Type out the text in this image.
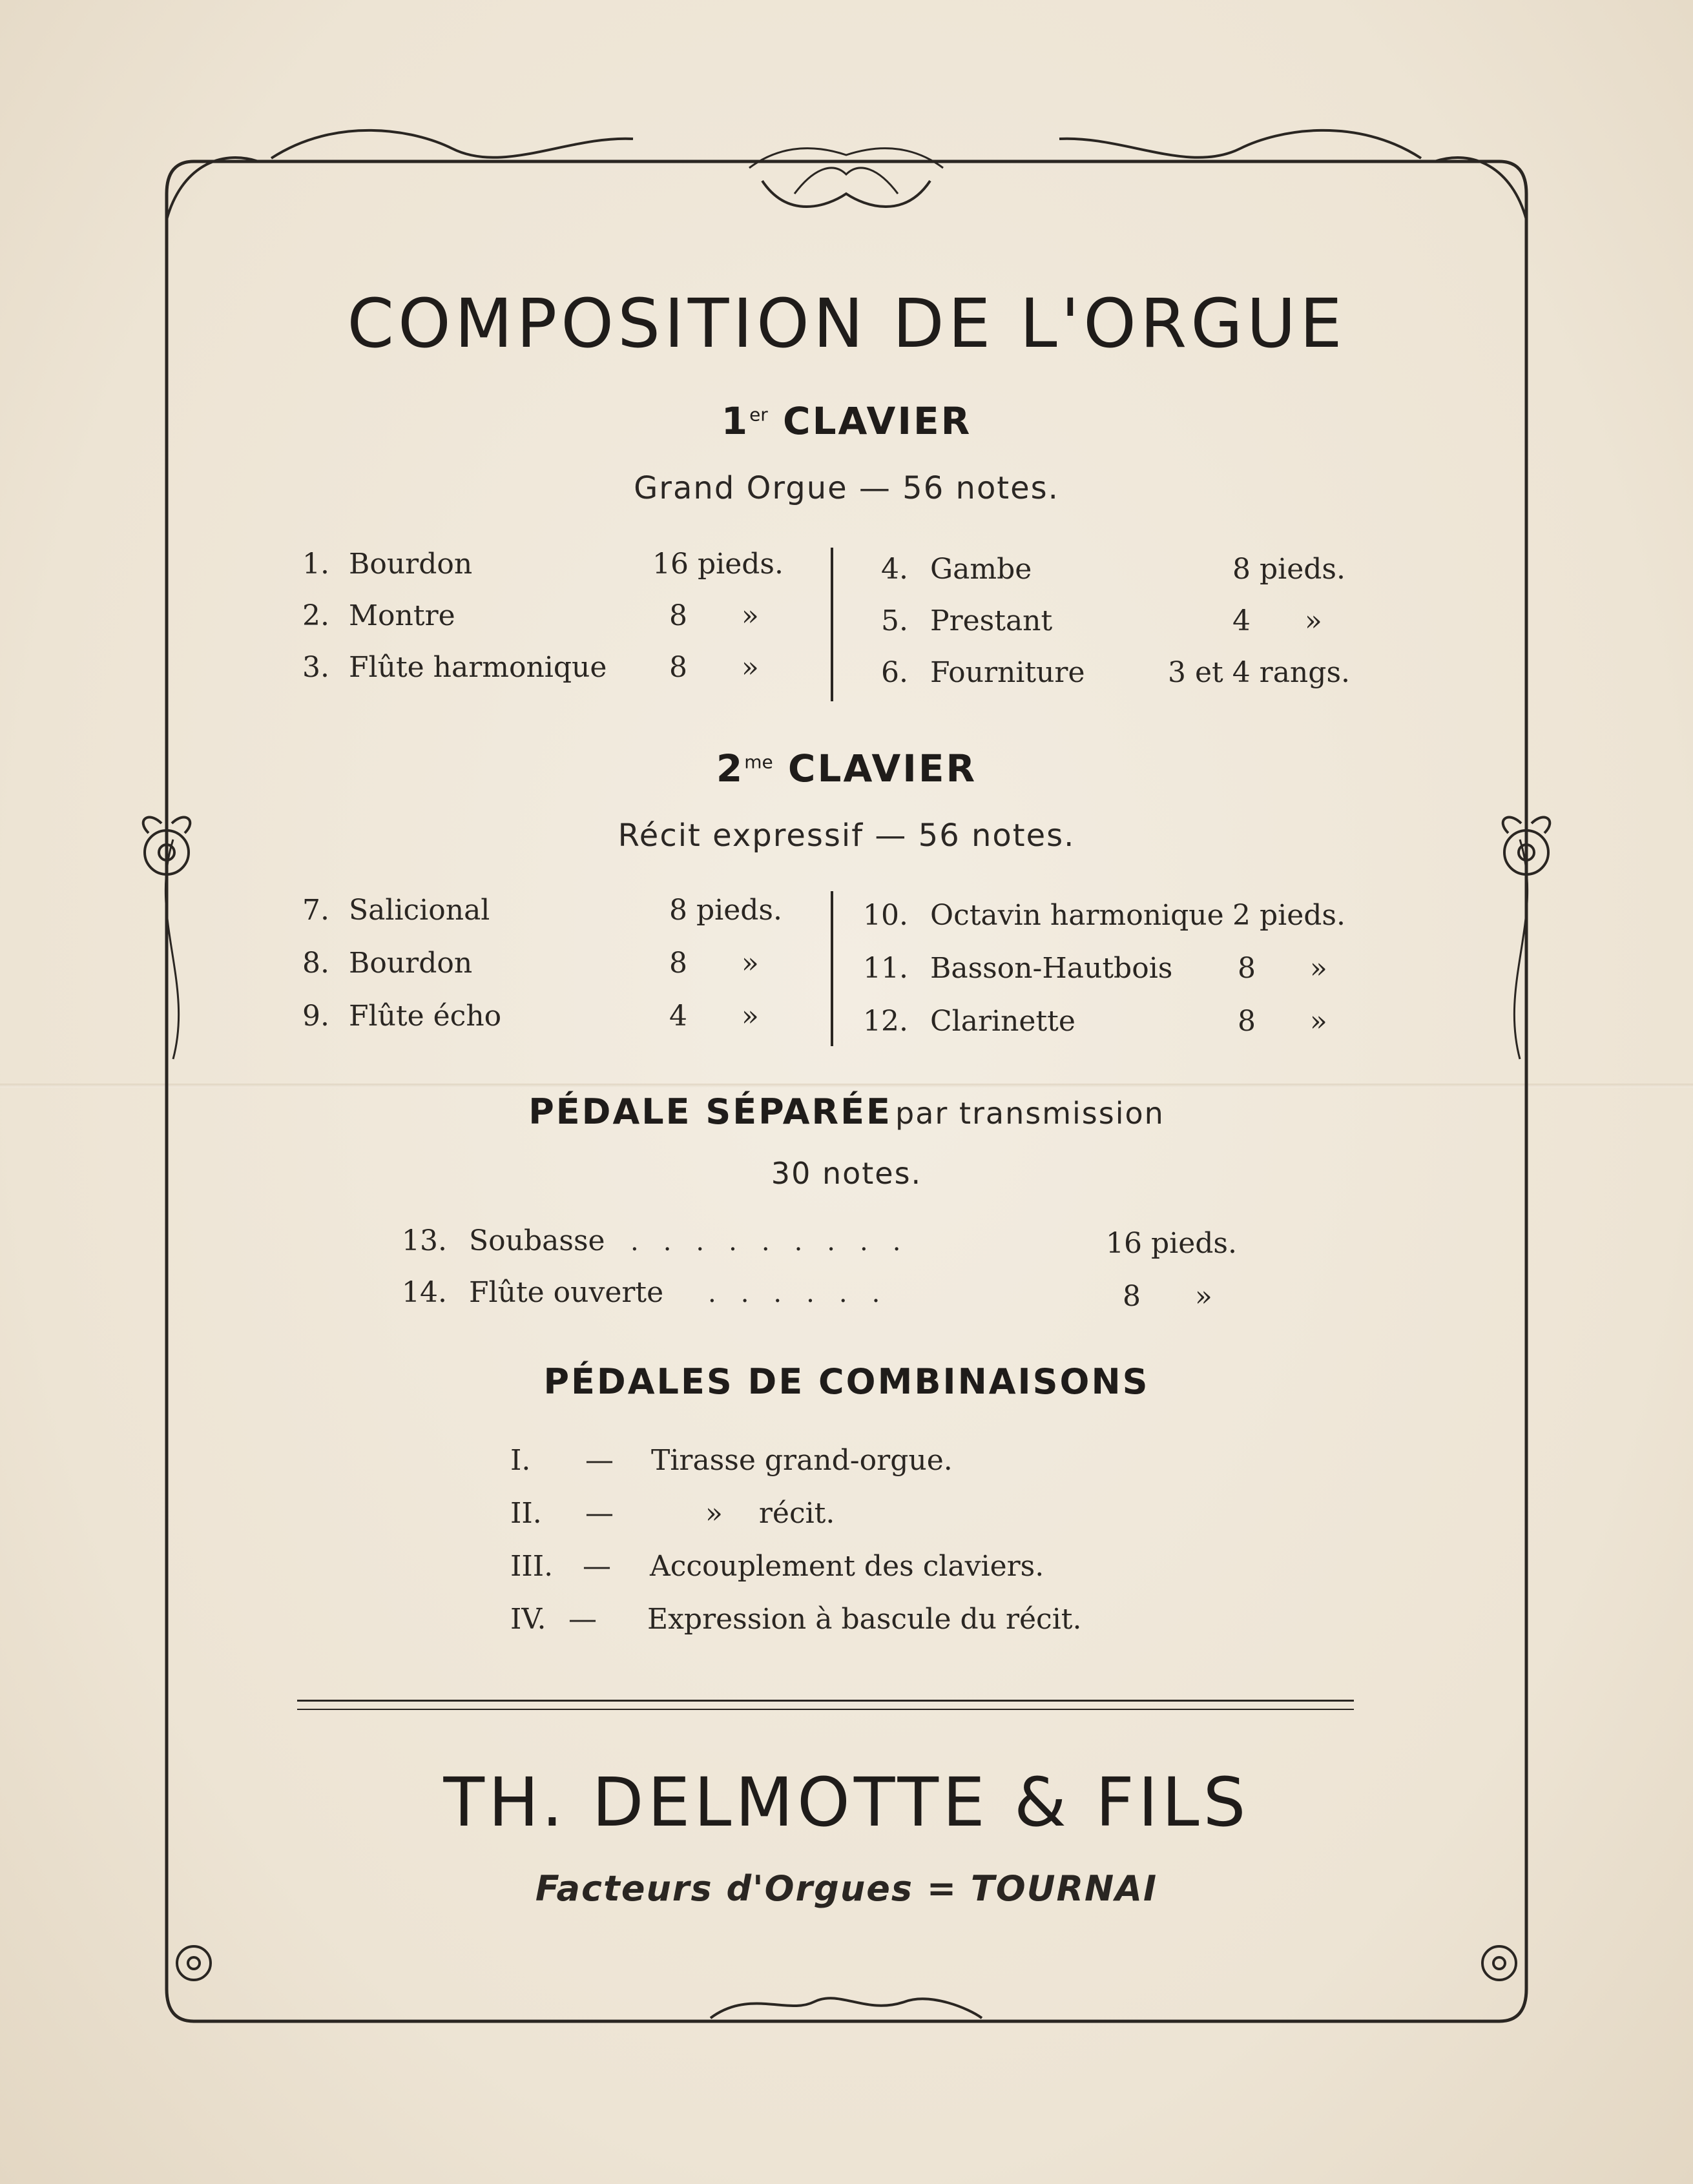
COMPOSITION DE L'ORGUE
1er CLAVIER
Grand Orgue — 56 notes.
1. Bourdon	16 pieds.
2. Montre	8      »
3. Flûte harmonique 8      »
4. Gambe	8 pieds.
5. Prestant	4      »
6. Fourniture	3 et 4 rangs.
$2^{me}$ CLAVIER
Récit expressif — 56 notes.
7. Salicional	8 pieds.
8. Bourdon	8      »
9. Flûte écho	4      »
10. Octavin harmonique 2 pieds.
11. Basson-Hautbois 8      »
12. Clarinette	8      »
PÉDALE SÉPARÉE par transmission
30 notes.
13. Soubasse .........	16 pieds.
14. Flûte ouverte ......	8      »
PÉDALES DE COMBINAISONS
I. — Tirasse grand-orgue.
II. —	»    récit.
III. — Accouplement des claviers.
IV. — Expression à bascule du récit.
TH. DELMOTTE & FILS
Facteurs d'Orgues = TOURNAI
